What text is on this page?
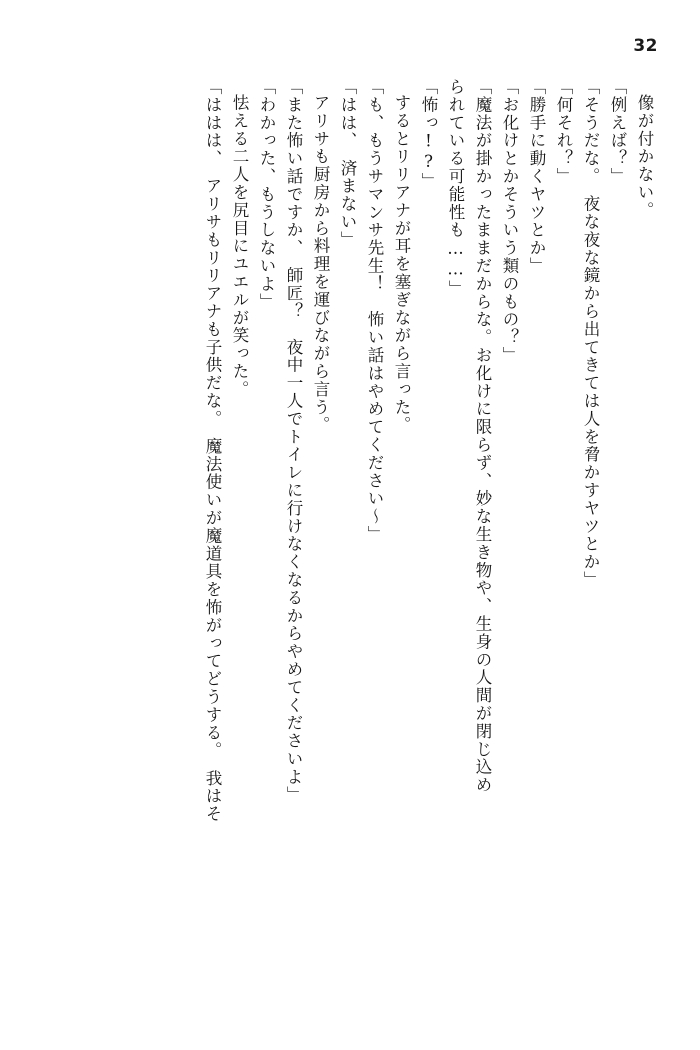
32
像が付かない。
「例えば？」
「そうだな。　夜な夜な鏡から出てきては人を脅かすヤツとか」
「何それ？」
「勝手に動くヤツとか」
「お化けとかそういう類のもの？」
「魔法が掛かったままだからな。お化けに限らず、妙な生き物や、生身の人間が閉じ込め
られている可能性も……」
「怖っ!?」
するとリリアナが耳を塞ぎながら言った。
「も、もうサマンサ先生！　怖い話はやめてください～」
「はは、　済まない」
アリサも厨房から料理を運びながら言う。
「また怖い話ですか、　師匠？　夜中一人でトイレに行けなくなるからやめてくださいよ」
「わかった、もうしないよ」
怯える二人を尻目にユエルが笑った。
「ははは、　アリサもリリアナも子供だな。　魔法使いが魔道具を怖がってどうする。　我はそ
